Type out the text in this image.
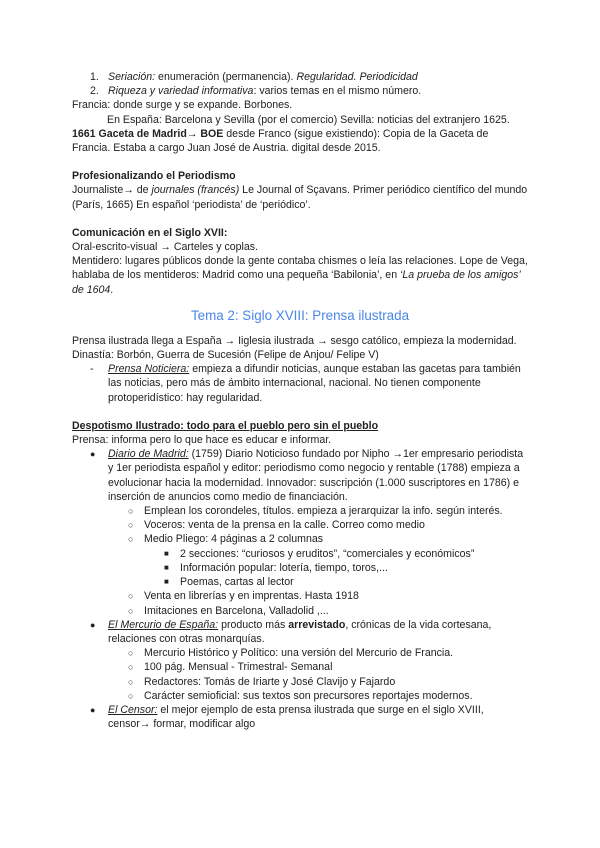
1. Seriación: enumeración (permanencia). Regularidad. Periodicidad
2. Riqueza y variedad informativa: varios temas en el mismo número.

Francia: donde surge y se expande. Borbones.

En España: Barcelona y Sevilla (por el comercio) Sevilla: noticias del extranjero 1625. 1661 Gaceta de Madrid→ BOE desde Franco (sigue existiendo): Copia de la Gaceta de Francia. Estaba a cargo Juan José de Austria. digital desde 2015.

Profesionalizando el Periodismo

Journaliste→ de journales (francés) Le Journal of Sçavans. Primer periódico científico del mundo (París, 1665) En español ‘periodista’ de ‘periódico’.

Comunicación en el Siglo XVII:

Oral-escrito-visual → Carteles y coplas.

Mentidero: lugares públicos donde la gente contaba chismes o leía las relaciones. Lope de Vega, hablaba de los mentideros: Madrid como una pequeña ‘Babilonia’, en ‘La prueba de los amigos’ de 1604.

Tema 2: Siglo XVIII: Prensa ilustrada

Prensa ilustrada llega a España → Iiglesia ilustrada → sesgo católico, empieza la modernidad. Dinastía: Borbón, Guerra de Sucesión (Felipe de Anjou/ Felipe V)

- Prensa Noticiera: empieza a difundir noticias, aunque estaban las gacetas para también las noticias, pero más de ámbito internacional, nacional. No tienen componente protoperidístico: hay regularidad.

Despotismo Ilustrado: todo para el pueblo pero sin el pueblo

Prensa: informa pero lo que hace es educar e informar.

● Diario de Madrid: (1759) Diario Noticioso fundado por Nipho →1er empresario periodista y 1er periodista español y editor: periodismo como negocio y rentable (1788) empieza a evolucionar hacia la modernidad. Innovador: suscripción (1.000 suscriptores en 1786) e inserción de anuncios como medio de financiación.
○ Emplean los corondeles, títulos. empieza a jerarquizar la info. según interés.
○ Voceros: venta de la prensa en la calle. Correo como medio
○ Medio Pliego: 4 páginas a 2 columnas
■ 2 secciones: “curiosos y eruditos”, “comerciales y económicos”
■ Información popular: lotería, tiempo, toros,...
■ Poemas, cartas al lector
○ Venta en librerías y en imprentas. Hasta 1918
○ Imitaciones en Barcelona, Valladolid ,...
● El Mercurio de España: producto más arrevistado, crónicas de la vida cortesana, relaciones con otras monarquías.
○ Mercurio Histórico y Político: una versión del Mercurio de Francia.
○ 100 pág. Mensual - Trimestral- Semanal
○ Redactores: Tomás de Iriarte y José Clavijo y Fajardo
○ Carácter semioficial: sus textos son precursores reportajes modernos.
● El Censor: el mejor ejemplo de esta prensa ilustrada que surge en el siglo XVIII, censor→ formar, modificar algo
